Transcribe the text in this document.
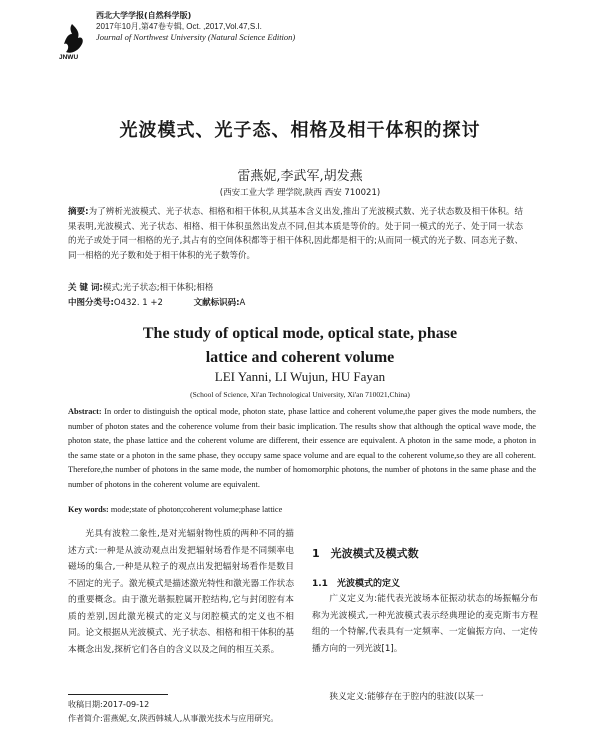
JNWU
西北大学学报(自然科学版)
2017年10月,第47卷专辑, Oct. ,2017,Vol.47,S.I.
Journal of Northwest University (Natural Science Edition)
光波模式、光子态、相格及相干体积的探讨
雷燕妮,李武军,胡发燕
(西安工业大学 理学院,陕西 西安 710021)
摘要:为了辨析光波模式、光子状态、相格和相干体积,从其基本含义出发,推出了光波模式数、光子状态数及相干体积。结果表明,光波模式、光子状态、相格、相干体积虽然出发点不同,但其本质是等价的。处于同一模式的光子、处于同一状态的光子或处于同一相格的光子,其占有的空间体积都等于相干体积,因此都是相干的;从而同一模式的光子数、同态光子数、同一相格的光子数和处于相干体积的光子数等价。
关 键 词:模式;光子状态;相干体积;相格
中图分类号:O432. 1 +2	文献标识码:A
The study of optical mode, optical state, phase
lattice and coherent volume
LEI Yanni, LI Wujun, HU Fayan
(School of Science, Xi'an Technological University, Xi'an 710021,China)
Abstract: In order to distinguish the optical mode, photon state, phase lattice and coherent volume,the paper gives the mode numbers, the number of photon states and the coherence volume from their basic implication. The results show that although the optical wave mode, the photon state, the phase lattice and the coherent volume are different, their essence are equivalent. A photon in the same mode, a photon in the same state or a photon in the same phase, they occupy same space volume and are equal to the coherent volume,so they are all coherent. Therefore,the number of photons in the same mode, the number of homomorphic photons, the number of photons in the same phase and the number of photons in the coherent volume are equivalent.
Key words: mode;state of photon;coherent volume;phase lattice

光具有波粒二象性,是对光辐射物性质的两种不同的描述方式:一种是从波动观点出发把辐射场看作是不同频率电磁场的集合,一种是从粒子的观点出发把辐射场看作是数目不固定的光子。激光模式是描述激光特性和激光器工作状态的重要概念。由于激光谐振腔属开腔结构,它与封闭腔有本质的差别,因此激光模式的定义与闭腔模式的定义也不相同。论文根据从光波模式、光子状态、相格和相干体积的基本概念出发,探析它们各自的含义以及之间的相互关系。

1　光波模式及模式数
1.1　光波模式的定义

广义定义为:能代表光波场本征振动状态的场振幅分布称为光波模式,一种光波模式表示经典理论的麦克斯韦方程组的一个特解,代表具有一定频率、一定偏振方向、一定传播方向的一列光波[1]。

狭义定义:能够存在于腔内的驻波(以某一

收稿日期:2017-09-12
作者简介:雷燕妮,女,陕西韩城人,从事激光技术与应用研究。
